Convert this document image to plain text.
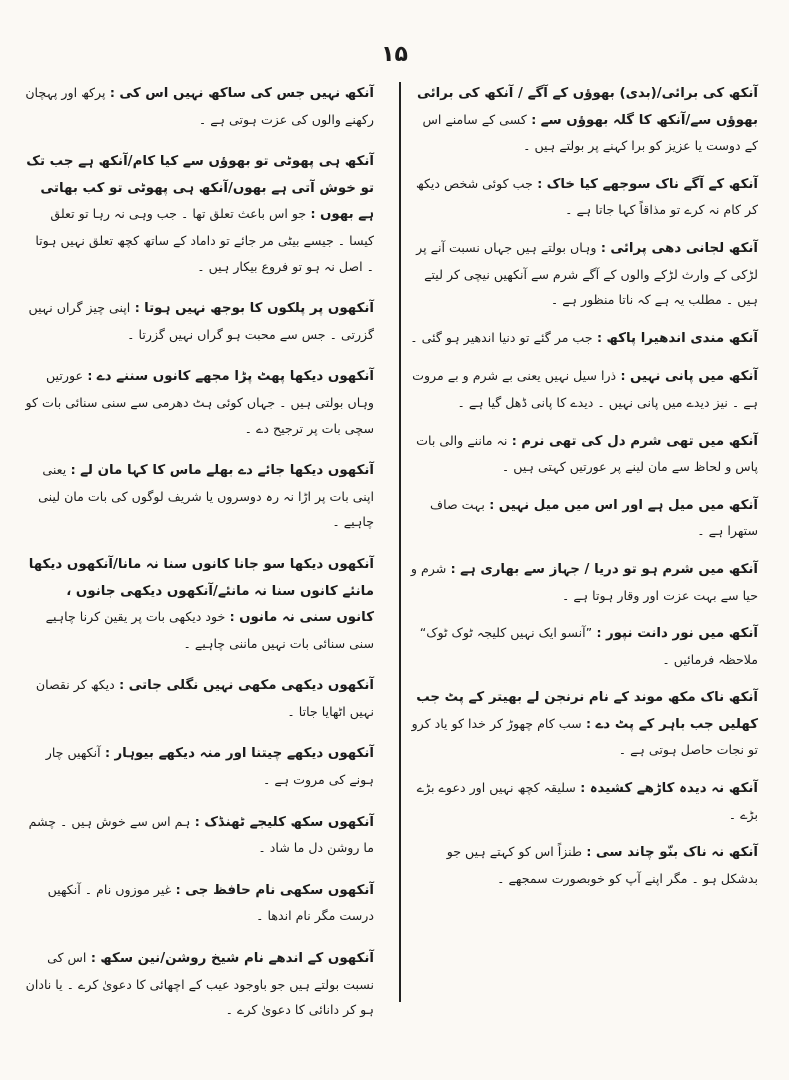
۱۵

آنکھ کی برائی/(بدی) بھوؤں کے آگے / آنکھ کی برائی بھوؤں سے/آنکھ کا گلہ بھوؤں سے : کسی کے سامنے اس کے دوست یا عزیز کو برا کہنے پر بولتے ہیں ۔

آنکھ کے آگے ناک سوجھے کیا خاک : جب کوئی شخص دیکھ کر کام نہ کرے تو مذاقاً کہا جاتا ہے ۔

آنکھ لجانی دھی پرائی : وہاں بولتے ہیں جہاں نسبت آنے پر لڑکی کے وارث لڑکے والوں کے آگے شرم سے آنکھیں نیچی کر لیتے ہیں ۔ مطلب یہ ہے کہ ناتا منظور ہے ۔

آنکھ مندی اندھیرا پاکھ : جب مر گئے تو دنیا اندھیر ہو گئی ۔

آنکھ میں پانی نہیں : ذرا سیل نہیں یعنی بے شرم و بے مروت ہے ۔ نیز دیدے میں پانی نہیں ۔ دیدے کا پانی ڈھل گیا ہے ۔

آنکھ میں تھی شرم دل کی تھی نرم : نہ ماننے والی بات پاس و لحاظ سے مان لینے پر عورتیں کہتی ہیں ۔

آنکھ میں میل ہے اور اس میں میل نہیں : بہت صاف ستھرا ہے ۔

آنکھ میں شرم ہو تو دریا / جہاز سے بھاری ہے : شرم و حیا سے بہت عزت اور وقار ہوتا ہے ۔

آنکھ میں نور دانت نپور : ”آنسو ایک نہیں کلیجہ ٹوک ٹوک“ ملاحظہ فرمائیں ۔

آنکھ ناک مکھ موند کے نام نرنجن لے بھیتر کے پٹ جب کھلیں جب باہر کے پٹ دے : سب کام چھوڑ کر خدا کو یاد کرو تو نجات حاصل ہوتی ہے ۔

آنکھ نہ دیدہ کاڑھے کشیدہ : سلیقہ کچھ نہیں اور دعوے بڑے بڑے ۔

آنکھ نہ ناک بنّو چاند سی : طنزاً اس کو کہتے ہیں جو بدشکل ہو ۔ مگر اپنے آپ کو خوبصورت سمجھے ۔

آنکھ نہیں جس کی ساکھ نہیں اس کی : پرکھ اور پہچان رکھنے والوں کی عزت ہوتی ہے ۔

آنکھ ہی پھوٹی تو بھوؤں سے کیا کام/آنکھ ہے جب تک تو خوش آتی ہے بھوں/آنکھ ہی پھوٹی تو کب بھاتی ہے بھوں : جو اس باعث تعلق تھا ۔ جب وہی نہ رہا تو تعلق کیسا ۔ جیسے بیٹی مر جائے تو داماد کے ساتھ کچھ تعلق نہیں ہوتا ۔ اصل نہ ہو تو فروع بیکار ہیں ۔

آنکھوں پر پلکوں کا بوجھ نہیں ہوتا : اپنی چیز گراں نہیں گزرتی ۔ جس سے محبت ہو گراں نہیں گزرتا ۔

آنکھوں دیکھا پھٹ پڑا مجھے کانوں سننے دے : عورتیں وہاں بولتی ہیں ۔ جہاں کوئی ہٹ دھرمی سے سنی سنائی بات کو سچی بات پر ترجیح دے ۔

آنکھوں دیکھا جائے دے بھلے ماس کا کہا مان لے : یعنی اپنی بات پر اڑا نہ رہ دوسروں یا شریف لوگوں کی بات مان لینی چاہیے ۔

آنکھوں دیکھا سو جانا کانوں سنا نہ مانا/آنکھوں دیکھا مانئے کانوں سنا نہ مانئے/آنکھوں دیکھی جانوں ، کانوں سنی نہ مانوں : خود دیکھی بات پر یقین کرنا چاہیے سنی سنائی بات نہیں ماننی چاہیے ۔

آنکھوں دیکھی مکھی نہیں نگلی جاتی : دیکھ کر نقصان نہیں اٹھایا جاتا ۔

آنکھوں دیکھے چیتنا اور منہ دیکھے بیوہار : آنکھیں چار ہونے کی مروت ہے ۔

آنکھوں سکھ کلیجے ٹھنڈک : ہم اس سے خوش ہیں ۔ چشم ما روشن دل ما شاد ۔

آنکھوں سکھی نام حافظ جی : غیر موزوں نام ۔ آنکھیں درست مگر نام اندھا ۔

آنکھوں کے اندھے نام شیخ روشن/نین ‌‌سکھ : اس کی نسبت بولتے ہیں جو باوجود عیب کے اچھائی کا دعویٰ کرے ۔ یا نادان ہو کر دانائی کا دعویٰ کرے ۔
